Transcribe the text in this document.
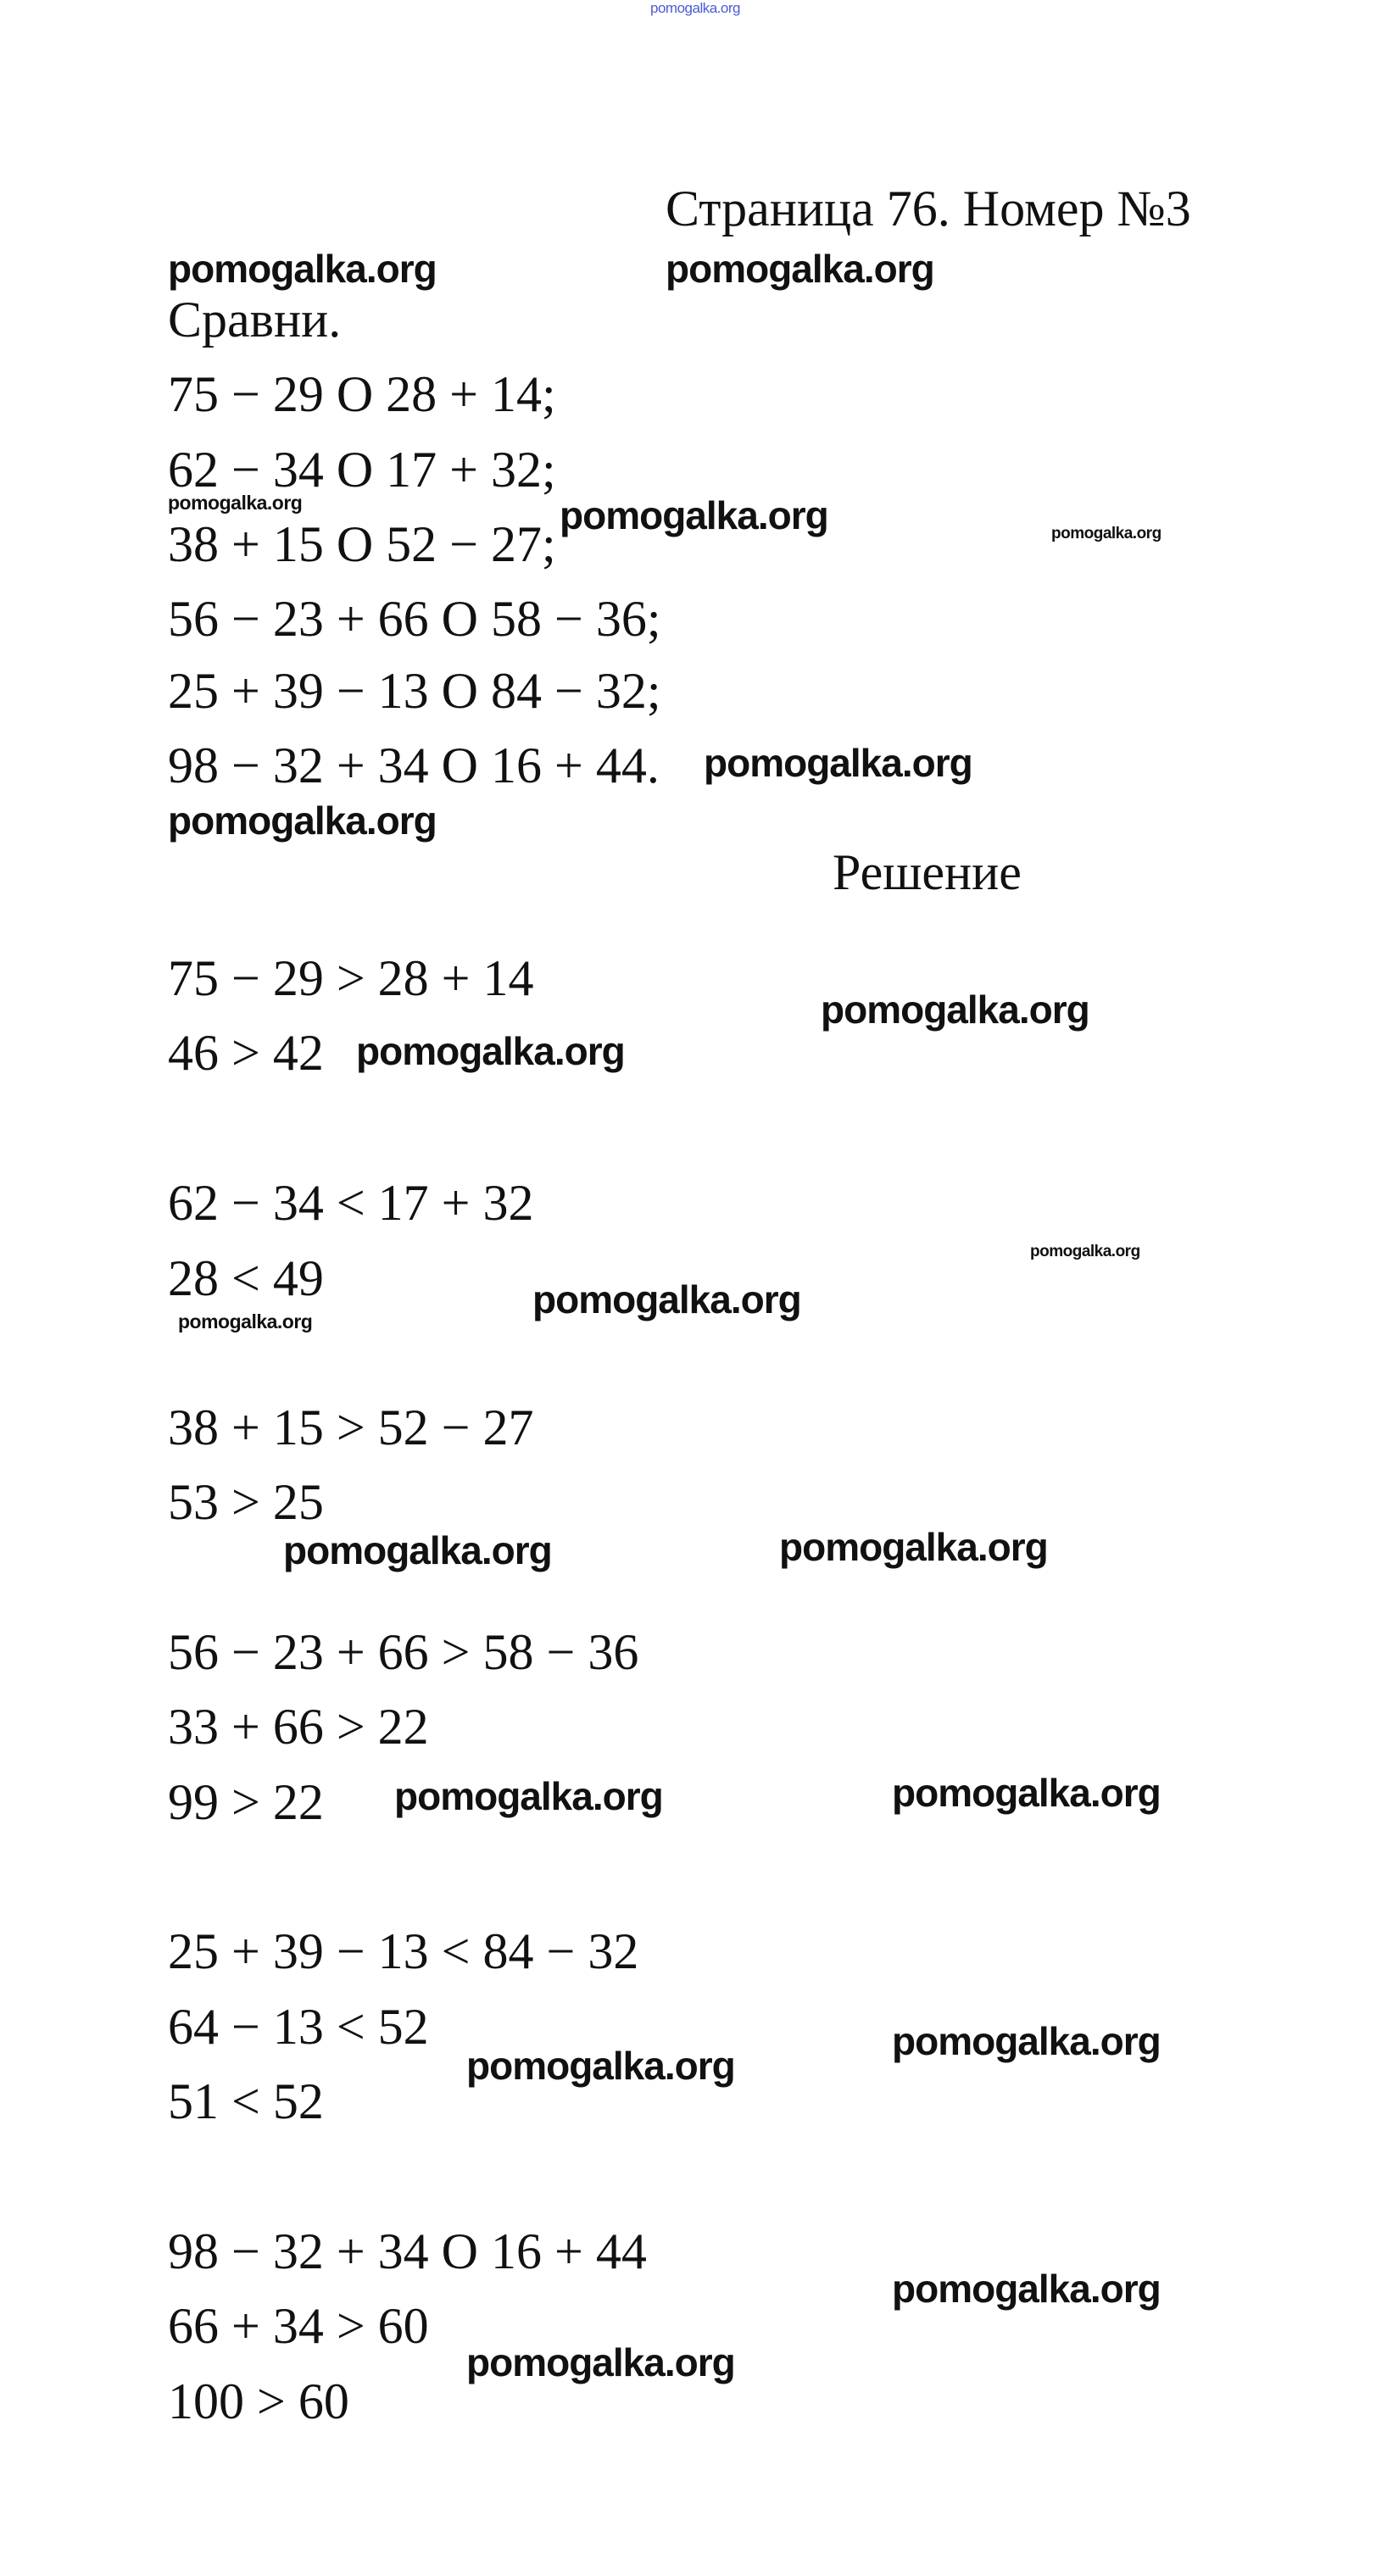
pomogalka.org
Страница 76. Номер №3
Сравни.
75 − 29 O 28 + 14;
62 − 34 O 17 + 32;
38 + 15 O 52 − 27;
56 − 23 + 66 O 58 − 36;
25 + 39 − 13 O 84 − 32;
98 − 32 + 34 O 16 + 44.
Решение
75 − 29 > 28 + 14
46 > 42
62 − 34 < 17 + 32
28 < 49
38 + 15 > 52 − 27
53 > 25
56 − 23 + 66 > 58 − 36
33 + 66 > 22
99 > 22
25 + 39 − 13 < 84 − 32
64 − 13 < 52
51 < 52
98 − 32 + 34 O 16 + 44
66 + 34 > 60
100 > 60
pomogalka.org	pomogalka.org
pomogalka.org
pomogalka.org
pomogalka.org
pomogalka.org
pomogalka.org
pomogalka.org
pomogalka.org	pomogalka.org
pomogalka.org	pomogalka.org
pomogalka.org
pomogalka.org
pomogalka.org
pomogalka.org
pomogalka.org
pomogalka.org
pomogalka.org
pomogalka.org
